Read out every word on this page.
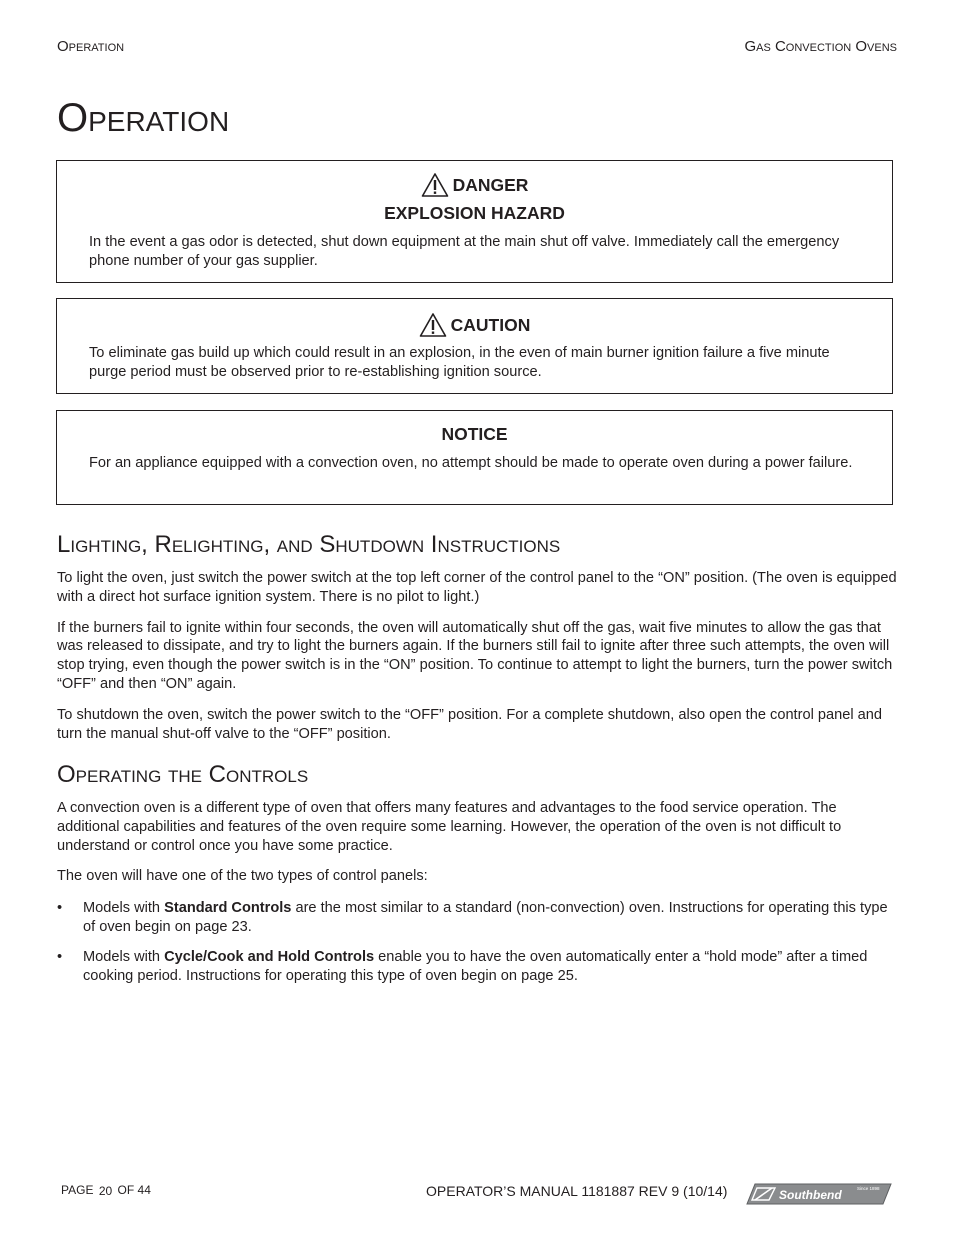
Operation	Gas Convection Ovens
Operation
DANGER
EXPLOSION HAZARD
In the event a gas odor is detected, shut down equipment at the main shut off valve. Immediately call the emergency phone number of your gas supplier.
CAUTION
To eliminate gas build up which could result in an explosion, in the even of main burner ignition failure a five minute purge period must be observed prior to re-establishing ignition source.
NOTICE
For an appliance equipped with a convection oven, no attempt should be made to operate oven during a power failure.
Lighting, Relighting, and Shutdown Instructions

To light the oven, just switch the power switch at the top left corner of the control panel to the “ON” position. (The oven is equipped with a direct hot surface ignition system. There is no pilot to light.)

If the burners fail to ignite within four seconds, the oven will automatically shut off the gas, wait five minutes to allow the gas that was released to dissipate, and try to light the burners again. If the burners still fail to ignite after three such attempts, the oven will stop trying, even though the power switch is in the “ON” position. To continue to attempt to light the burners, turn the power switch “OFF” and then “ON” again.

To shutdown the oven, switch the power switch to the “OFF” position. For a complete shutdown, also open the control panel and turn the manual shut-off valve to the “OFF” position.

Operating the Controls

A convection oven is a different type of oven that offers many features and advantages to the food service operation. The additional capabilities and features of the oven require some learning. However, the operation of the oven is not difficult to understand or control once you have some practice.

The oven will have one of the two types of control panels:

• Models with Standard Controls are the most similar to a standard (non-convection) oven. Instructions for operating this type of oven begin on page 23.
• Models with Cycle/Cook and Hold Controls enable you to have the oven automatically enter a “hold mode” after a timed cooking period. Instructions for operating this type of oven begin on page 25.
PAGE 20 OF 44	OPERATOR’S MANUAL 1181887 REV 9 (10/14)	Southbend	Since 1898
